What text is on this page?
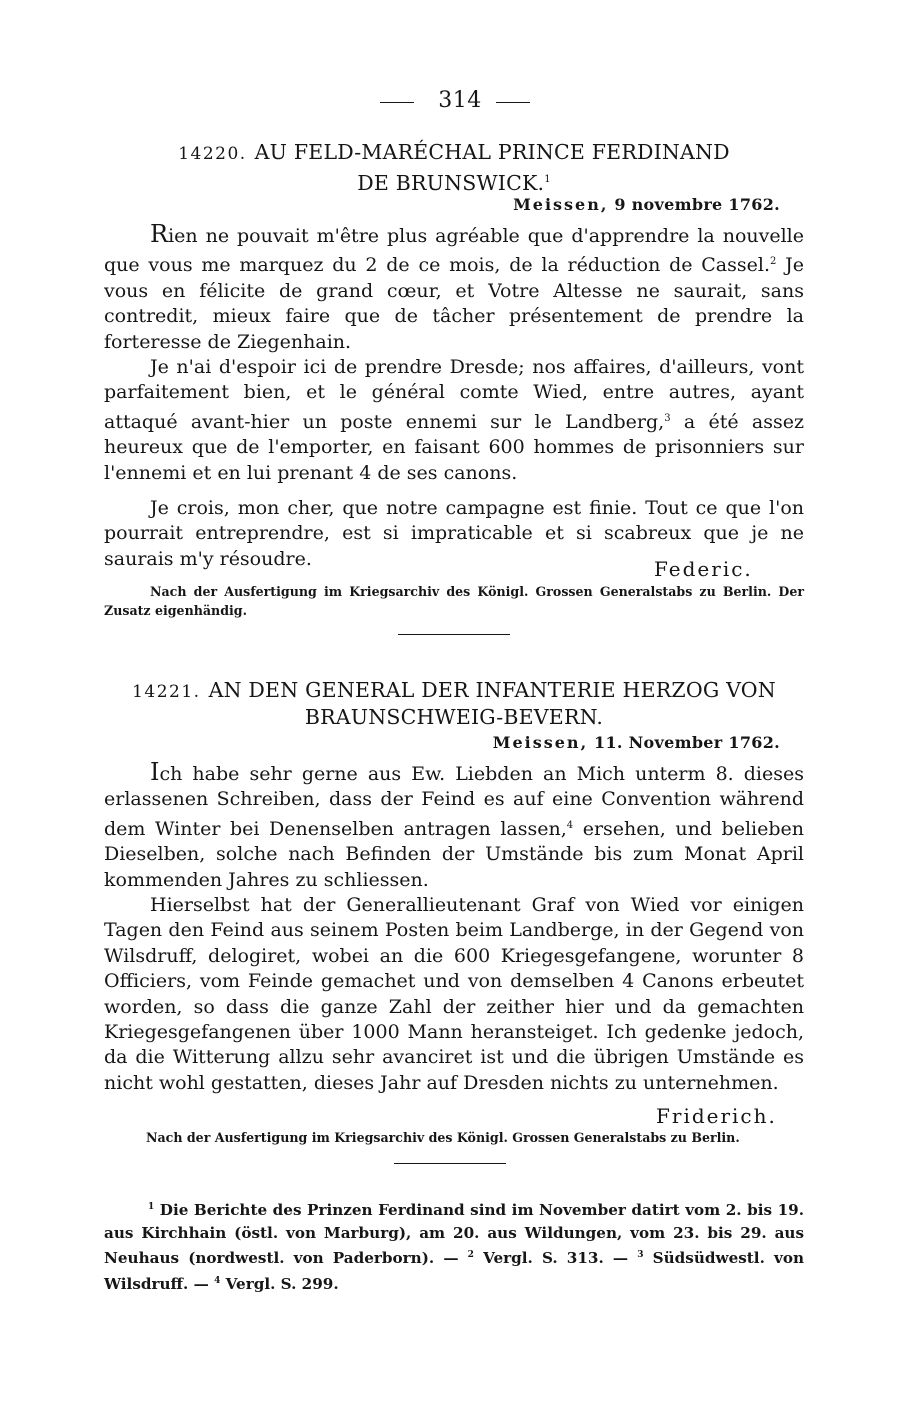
314
14220. AU FELD-MARÉCHAL PRINCE FERDINAND
DE BRUNSWICK.$^1$
Meissen, 9 novembre 1762.

Rien ne pouvait m'être plus agréable que d'apprendre la nouvelle que vous me marquez du 2 de ce mois, de la réduction de Cassel.$^2$ Je vous en félicite de grand cœur, et Votre Altesse ne saurait, sans contredit, mieux faire que de tâcher présentement de prendre la forteresse de Ziegenhain.

Je n'ai d'espoir ici de prendre Dresde; nos affaires, d'ailleurs, vont parfaitement bien, et le général comte Wied, entre autres, ayant attaqué avant-hier un poste ennemi sur le Landberg,$^3$ a été assez heureux que de l'emporter, en faisant 600 hommes de prisonniers sur l'ennemi et en lui prenant 4 de ses canons.

Je crois, mon cher, que notre campagne est finie. Tout ce que l'on pourrait entreprendre, est si impraticable et si scabreux que je ne saurais m'y résoudre.	Federic.
Nach der Ausfertigung im Kriegsarchiv des Königl. Grossen Generalstabs zu Berlin. Der Zusatz eigenhändig.
14221. AN DEN GENERAL DER INFANTERIE HERZOG VON
BRAUNSCHWEIG-BEVERN.
Meissen, 11. November 1762.

Ich habe sehr gerne aus Ew. Liebden an Mich unterm 8. dieses erlassenen Schreiben, dass der Feind es auf eine Convention während dem Winter bei Denenselben antragen lassen,$^4$ ersehen, und belieben Dieselben, solche nach Befinden der Umstände bis zum Monat April kommenden Jahres zu schliessen.

Hierselbst hat der Generallieutenant Graf von Wied vor einigen Tagen den Feind aus seinem Posten beim Landberge, in der Gegend von Wilsdruff, delogiret, wobei an die 600 Kriegesgefangene, worunter 8 Officiers, vom Feinde gemachet und von demselben 4 Canons erbeutet worden, so dass die ganze Zahl der zeither hier und da gemachten Kriegesgefangenen über 1000 Mann heransteiget. Ich gedenke jedoch, da die Witterung allzu sehr avanciret ist und die übrigen Umstände es nicht wohl gestatten, dieses Jahr auf Dresden nichts zu unternehmen.

Friderich.
Nach der Ausfertigung im Kriegsarchiv des Königl. Grossen Generalstabs zu Berlin.

$^1$ Die Berichte des Prinzen Ferdinand sind im November datirt vom 2. bis 19. aus Kirchhain (östl. von Marburg), am 20. aus Wildungen, vom 23. bis 29. aus Neuhaus (nordwestl. von Paderborn). — $^2$ Vergl. S. 313. — $^3$ Südsüdwestl. von Wilsdruff. — $^4$ Vergl. S. 299.
